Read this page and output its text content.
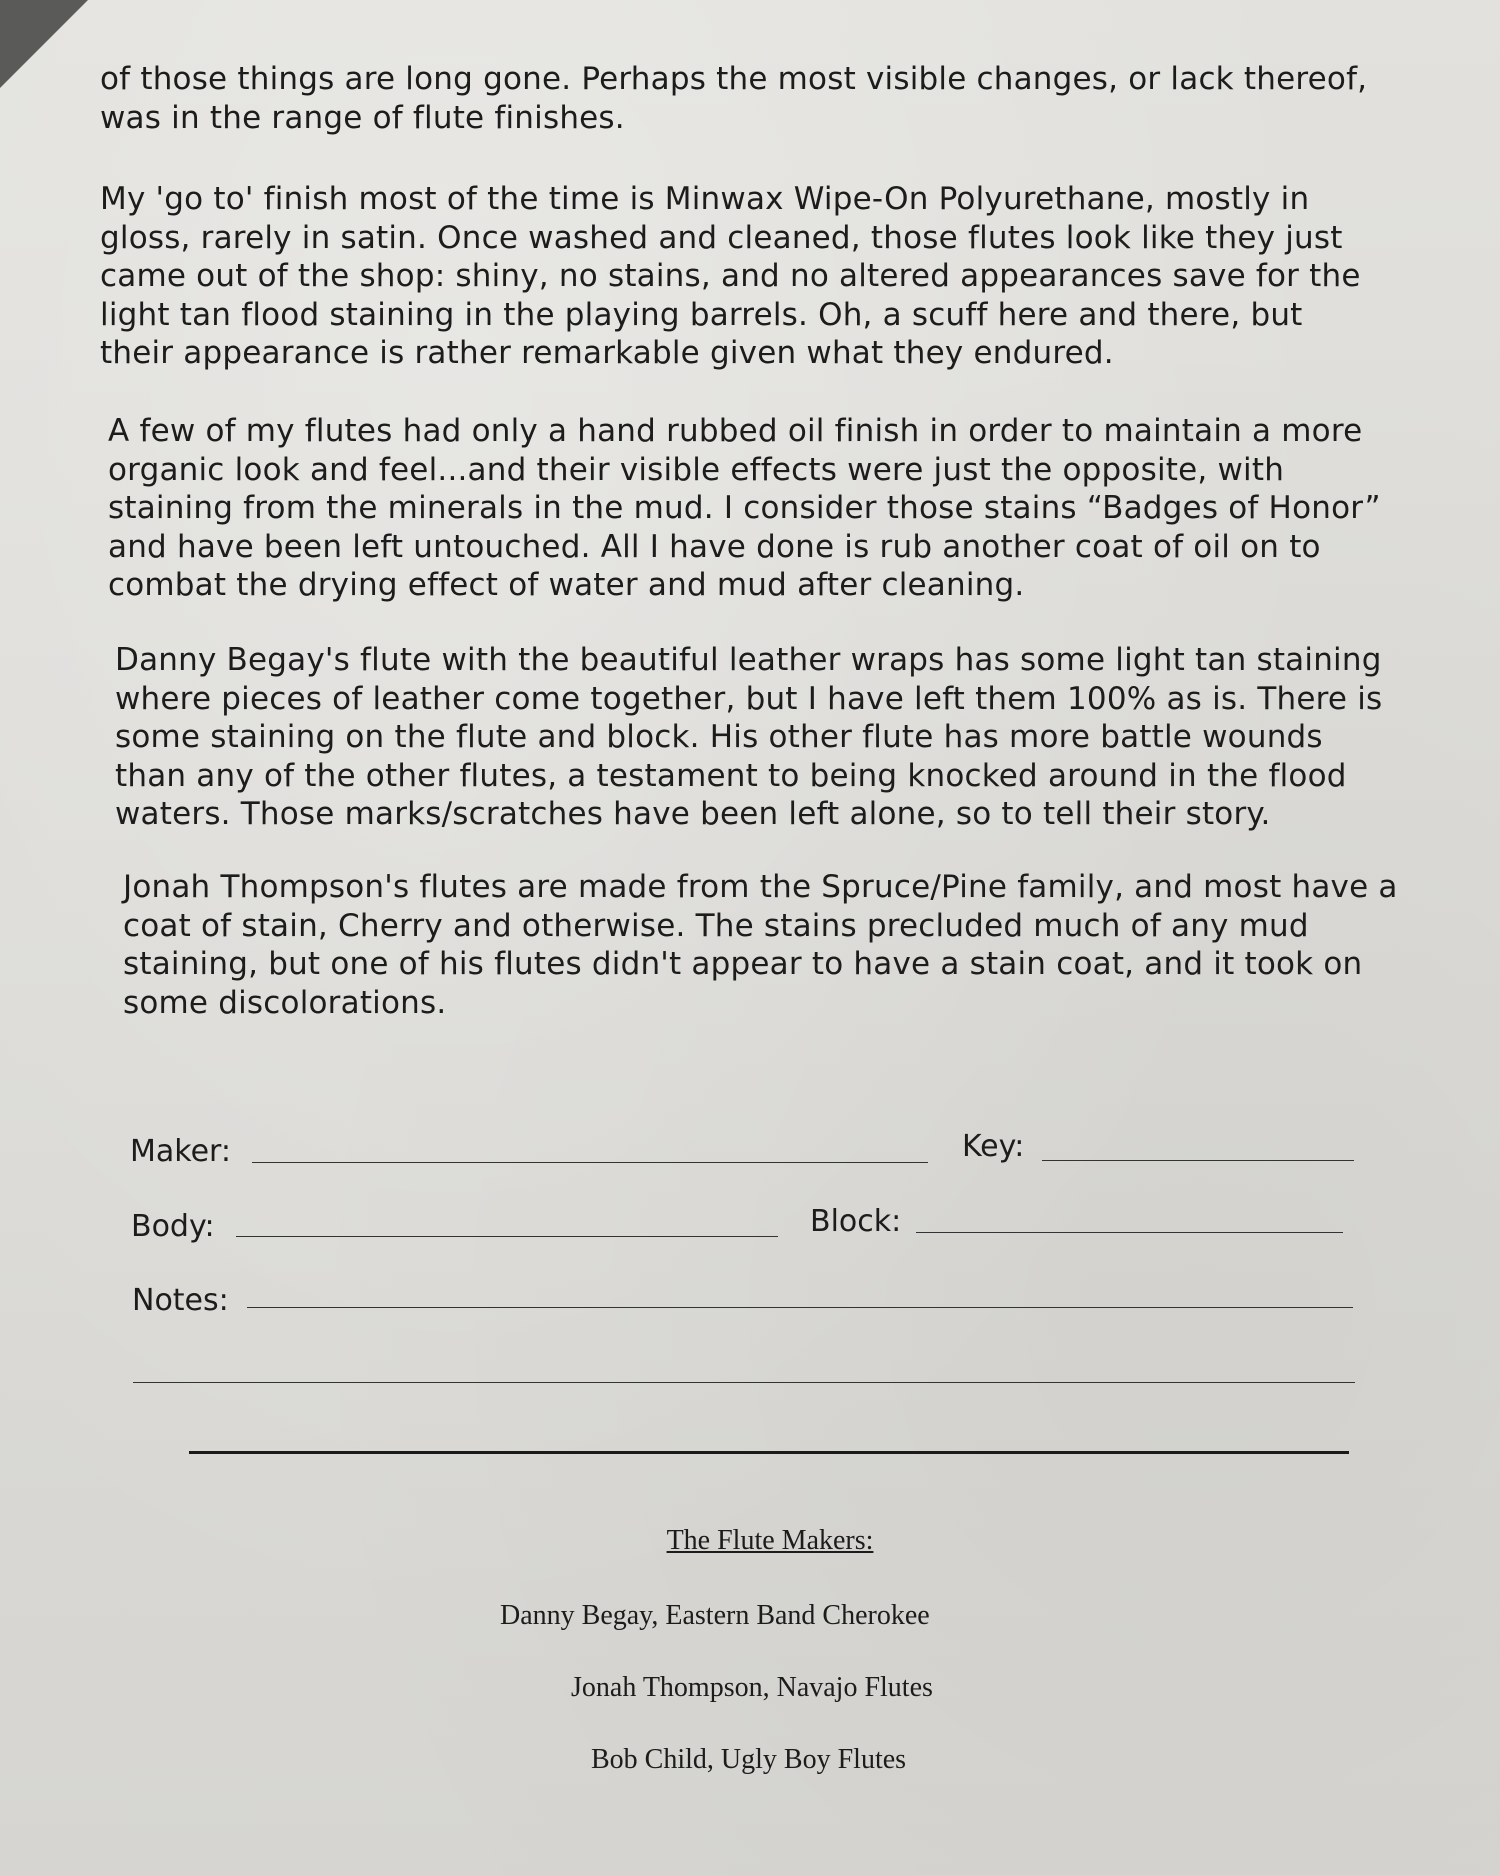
of those things are long gone. Perhaps the most visible changes, or lack thereof,
was in the range of flute finishes.

My 'go to' finish most of the time is Minwax Wipe-On Polyurethane, mostly in
gloss, rarely in satin. Once washed and cleaned, those flutes look like they just
came out of the shop: shiny, no stains, and no altered appearances save for the
light tan flood staining in the playing barrels. Oh, a scuff here and there, but
their appearance is rather remarkable given what they endured.

A few of my flutes had only a hand rubbed oil finish in order to maintain a more
organic look and feel...and their visible effects were just the opposite, with
staining from the minerals in the mud. I consider those stains “Badges of Honor”
and have been left untouched. All I have done is rub another coat of oil on to
combat the drying effect of water and mud after cleaning.

Danny Begay's flute with the beautiful leather wraps has some light tan staining
where pieces of leather come together, but I have left them 100% as is. There is
some staining on the flute and block. His other flute has more battle wounds
than any of the other flutes, a testament to being knocked around in the flood
waters. Those marks/scratches have been left alone, so to tell their story.

Jonah Thompson's flutes are made from the Spruce/Pine family, and most have a
coat of stain, Cherry and otherwise. The stains precluded much of any mud
staining, but one of his flutes didn't appear to have a stain coat, and it took on
some discolorations.

Maker:	Key:
Body:	Block:
Notes:
The Flute Makers:
Danny Begay, Eastern Band Cherokee
Jonah Thompson, Navajo Flutes
Bob Child, Ugly Boy Flutes
